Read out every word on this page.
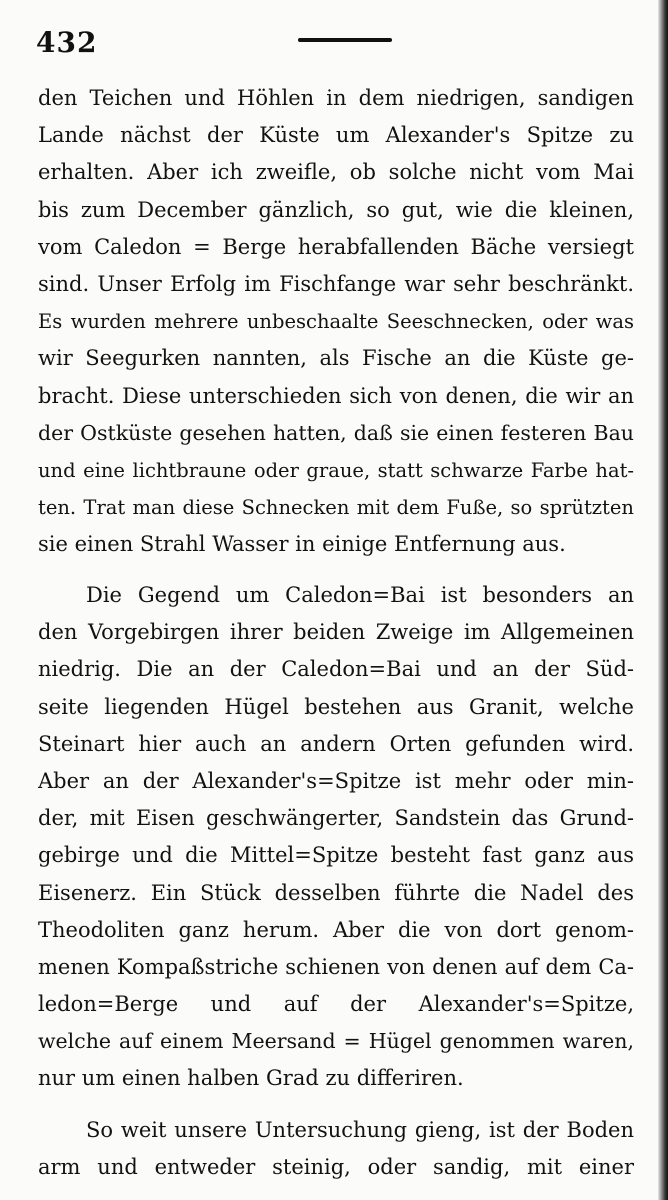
432
den Teichen und Höhlen in dem niedrigen, sandigen
Lande nächst der Küste um Alexander's Spitze zu
erhalten. Aber ich zweifle, ob solche nicht vom Mai
bis zum December gänzlich, so gut, wie die kleinen,
vom Caledon = Berge herabfallenden Bäche versiegt
sind. Unser Erfolg im Fischfange war sehr beschränkt.
Es wurden mehrere unbeschaalte Seeschnecken, oder was
wir Seegurken nannten, als Fische an die Küste ge-
bracht. Diese unterschieden sich von denen, die wir an
der Ostküste gesehen hatten, daß sie einen festeren Bau
und eine lichtbraune oder graue, statt schwarze Farbe hat-
ten. Trat man diese Schnecken mit dem Fuße, so sprützten
sie einen Strahl Wasser in einige Entfernung aus.
Die Gegend um Caledon=Bai ist besonders an
den Vorgebirgen ihrer beiden Zweige im Allgemeinen
niedrig. Die an der Caledon=Bai und an der Süd-
seite liegenden Hügel bestehen aus Granit, welche
Steinart hier auch an andern Orten gefunden wird.
Aber an der Alexander's=Spitze ist mehr oder min-
der, mit Eisen geschwängerter, Sandstein das Grund-
gebirge und die Mittel=Spitze besteht fast ganz aus
Eisenerz. Ein Stück desselben führte die Nadel des
Theodoliten ganz herum. Aber die von dort genom-
menen Kompaßstriche schienen von denen auf dem Ca-
ledon=Berge und auf der Alexander's=Spitze,
welche auf einem Meersand = Hügel genommen waren,
nur um einen halben Grad zu differiren.
So weit unsere Untersuchung gieng, ist der Boden
arm und entweder steinig, oder sandig, mit einer
